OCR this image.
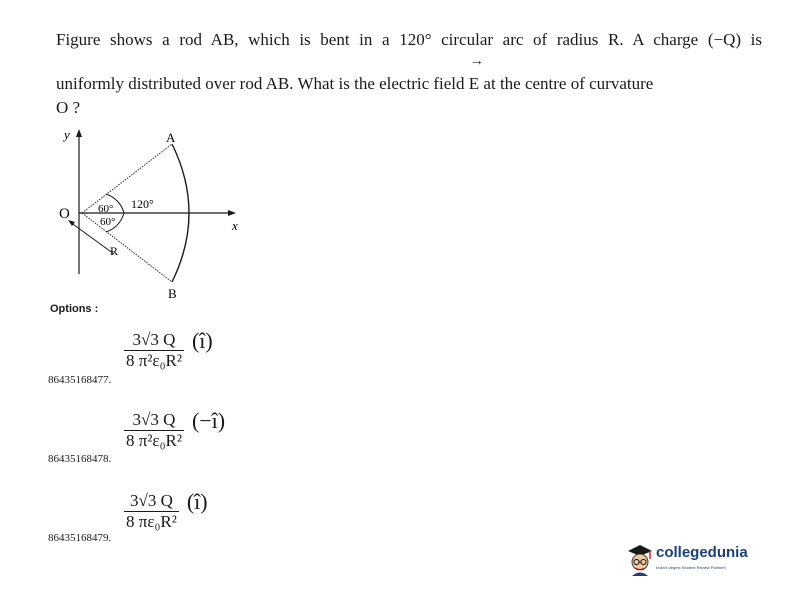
Figure shows a rod AB, which is bent in a 120° circular arc of radius R. A charge (−Q) is
uniformly distributed over rod AB. What is the electric field
→
E at the centre of curvature
O ?
y
x
O
A
B
R
120°
60°
60°
Options :
$\frac{3√3 Q}{\text{8 π²ε₀R²}}$ (î)
86435168477.
$\frac{3√3 Q}{\text{8 π²ε₀R²}}$ (−î)
86435168478.
$\frac{3√3 Q}{\text{8 πε₀R²}}$ (î)
86435168479.
collegedunia
India's largest Student Review Platform
